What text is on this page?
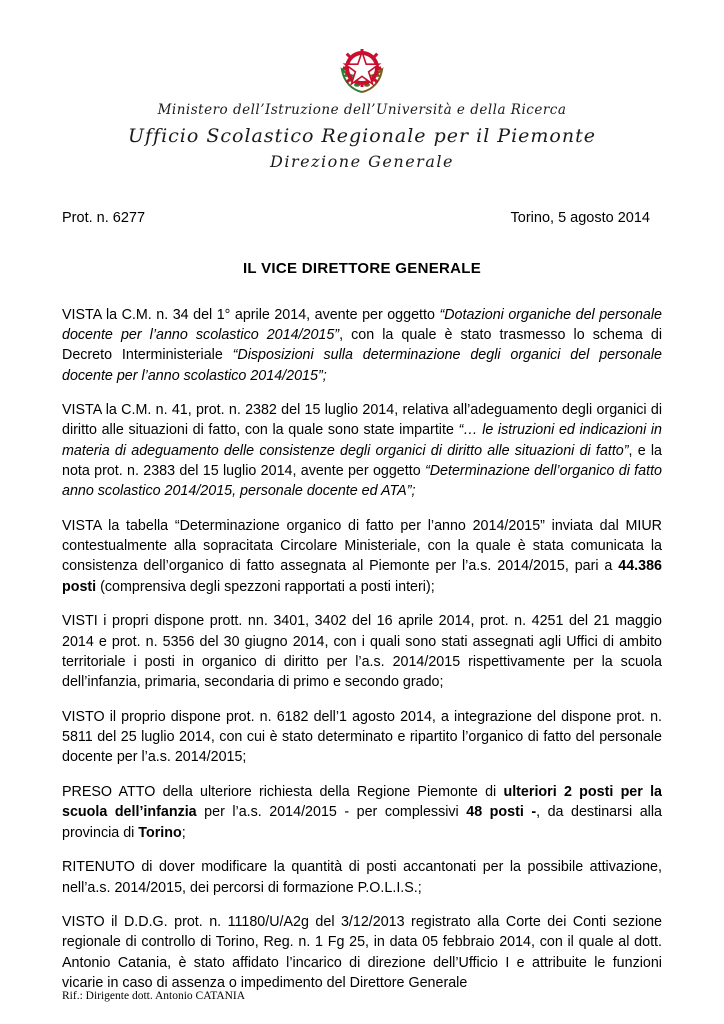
Ministero dell’Istruzione dell’Università e della Ricerca
Ufficio Scolastico Regionale per il Piemonte
Direzione Generale
Prot. n. 6277	Torino, 5 agosto 2014
IL VICE DIRETTORE GENERALE

VISTA la C.M. n. 34 del 1° aprile 2014, avente per oggetto “Dotazioni organiche del personale docente per l’anno scolastico 2014/2015”, con la quale è stato trasmesso lo schema di Decreto Interministeriale “Disposizioni sulla determinazione degli organici del personale docente per l’anno scolastico 2014/2015”;

VISTA la C.M. n. 41, prot. n. 2382 del 15 luglio 2014, relativa all’adeguamento degli organici di diritto alle situazioni di fatto, con la quale sono state impartite “… le istruzioni ed indicazioni in materia di adeguamento delle consistenze degli organici di diritto alle situazioni di fatto”, e la nota prot. n. 2383 del 15 luglio 2014, avente per oggetto “Determinazione dell’organico di fatto anno scolastico 2014/2015, personale docente ed ATA”;

VISTA la tabella “Determinazione organico di fatto per l’anno 2014/2015” inviata dal MIUR contestualmente alla sopracitata Circolare Ministeriale, con la quale è stata comunicata la consistenza dell’organico di fatto assegnata al Piemonte per l’a.s. 2014/2015, pari a 44.386 posti (comprensiva degli spezzoni rapportati a posti interi);

VISTI i propri dispone prott. nn. 3401, 3402 del 16 aprile 2014, prot. n. 4251 del 21 maggio 2014 e prot. n. 5356 del 30 giugno 2014, con i quali sono stati assegnati agli Uffici di ambito territoriale i posti in organico di diritto per l’a.s. 2014/2015 rispettivamente per la scuola dell’infanzia, primaria, secondaria di primo e secondo grado;

VISTO il proprio dispone prot. n. 6182 dell’1 agosto 2014, a integrazione del dispone prot. n. 5811 del 25 luglio 2014, con cui è stato determinato e ripartito l’organico di fatto del personale docente per l’a.s. 2014/2015;

PRESO ATTO della ulteriore richiesta della Regione Piemonte di ulteriori 2 posti per la scuola dell’infanzia per l’a.s. 2014/2015 - per complessivi 48 posti -, da destinarsi alla provincia di Torino;

RITENUTO di dover modificare la quantità di posti accantonati per la possibile attivazione, nell’a.s. 2014/2015, dei percorsi di formazione P.O.L.I.S.;

VISTO il D.D.G. prot. n. 11180/U/A2g del 3/12/2013 registrato alla Corte dei Conti sezione regionale di controllo di Torino, Reg. n. 1 Fg 25, in data 05 febbraio 2014, con il quale al dott. Antonio Catania, è stato affidato l’incarico di direzione dell’Ufficio I e attribuite le funzioni vicarie in caso di assenza o impedimento del Direttore Generale

Rif.: Dirigente dott. Antonio CATANIA
